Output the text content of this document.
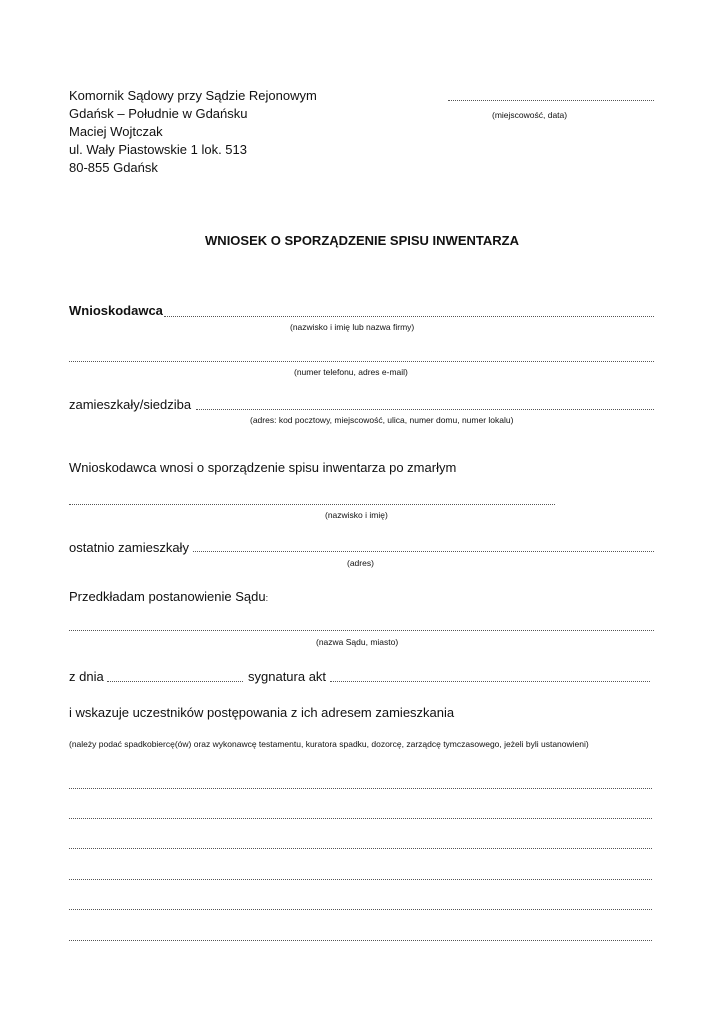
Komornik Sądowy przy Sądzie Rejonowym
Gdańsk – Południe w Gdańsku
Maciej Wojtczak
ul. Wały Piastowskie 1 lok. 513
80-855 Gdańsk
(miejscowość, data)
WNIOSEK O SPORZĄDZENIE SPISU INWENTARZA
Wnioskodawca
(nazwisko i imię lub nazwa firmy)
(numer telefonu, adres e-mail)
zamieszkały/siedziba
(adres: kod pocztowy, miejscowość, ulica, numer domu, numer lokalu)
Wnioskodawca wnosi o sporządzenie spisu inwentarza po zmarłym
(nazwisko i imię)
ostatnio zamieszkały
(adres)
Przedkładam postanowienie Sądu:
(nazwa Sądu, miasto)
z dnia	sygnatura akt
i wskazuje uczestników postępowania z ich adresem zamieszkania
(należy podać spadkobiercę(ów) oraz wykonawcę testamentu, kuratora spadku, dozorcę, zarządcę tymczasowego, jeżeli byli ustanowieni)
